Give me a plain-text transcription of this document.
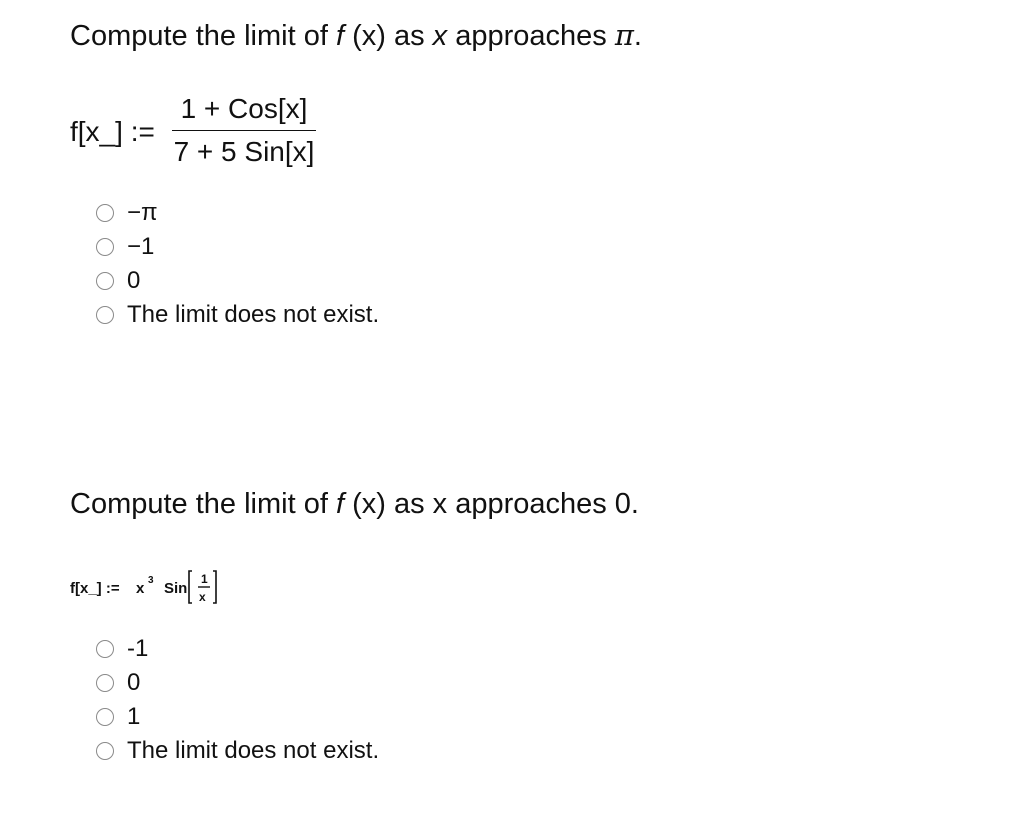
Compute the limit of f (x) as x approaches π.
f[x_] :=
1 + Cos[x]
7 + 5 Sin[x]
−π
−1
0
The limit does not exist.
Compute the limit of f (x) as x approaches 0.
f[x_] := x 3 Sin
1
x
-1
0
1
The limit does not exist.
